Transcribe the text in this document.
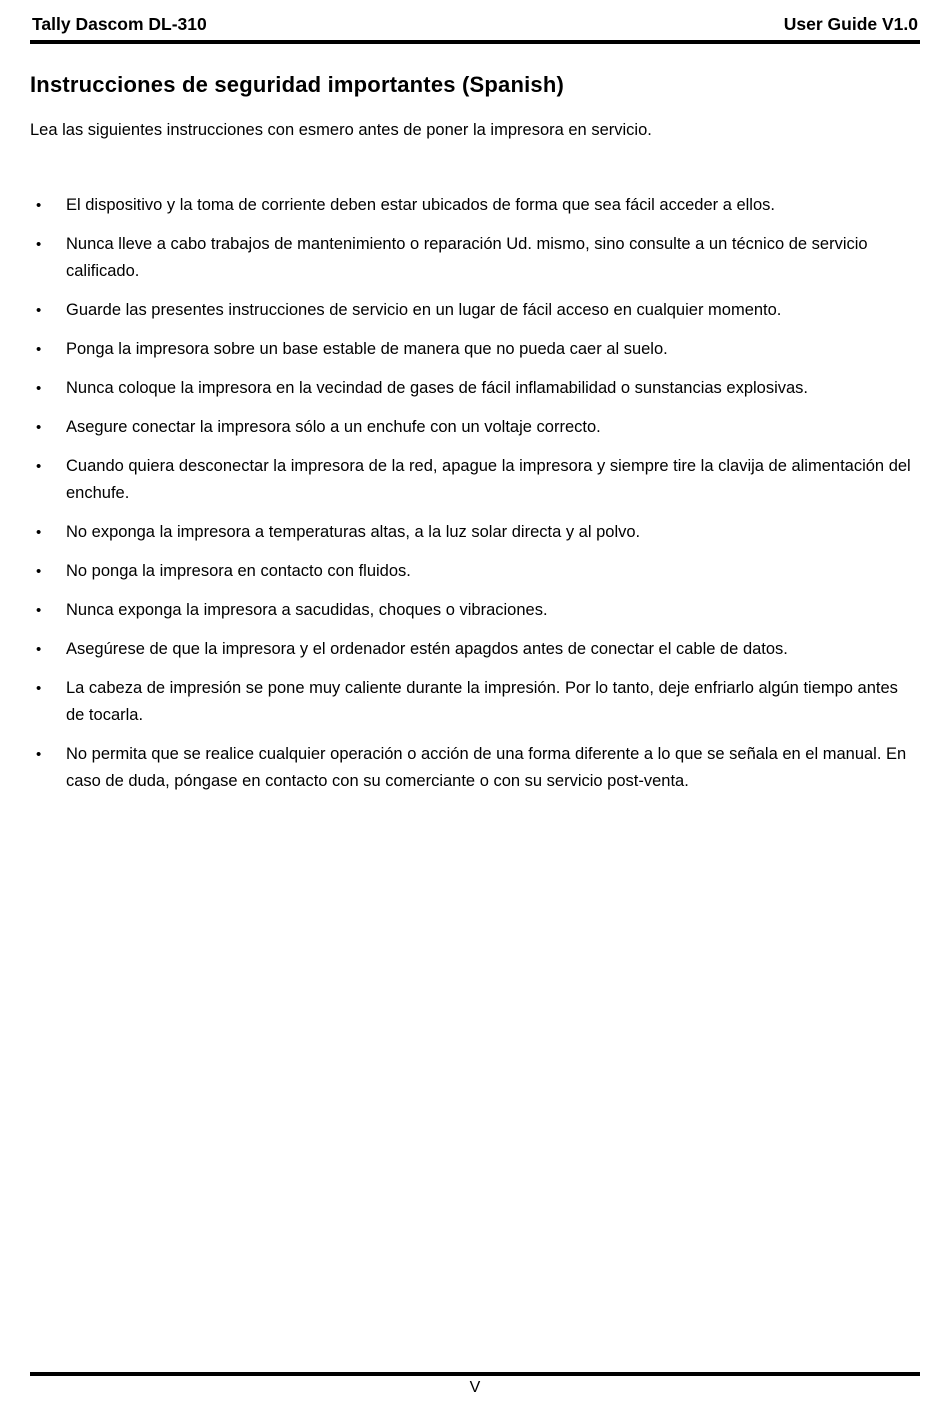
Tally Dascom DL-310	User Guide V1.0
Instrucciones de seguridad importantes (Spanish)
Lea las siguientes instrucciones con esmero antes de poner la impresora en servicio.
•	El dispositivo y la toma de corriente deben estar ubicados de forma que sea fácil acceder a ellos.
•	Nunca lleve a cabo trabajos de mantenimiento o reparación Ud. mismo, sino consulte a un técnico de servicio calificado.
•	Guarde las presentes instrucciones de servicio en un lugar de fácil acceso en cualquier momento.
•	Ponga la impresora sobre un base estable de manera que no pueda caer al suelo.
•	Nunca coloque la impresora en la vecindad de gases de fácil inflamabilidad o sunstancias explosivas.
•	Asegure conectar la impresora sólo a un enchufe con un voltaje correcto.
•	Cuando quiera desconectar la impresora de la red, apague la impresora y siempre tire la clavija de alimentación del enchufe.
•	No exponga la impresora a temperaturas altas, a la luz solar directa y al polvo.
•	No ponga la impresora en contacto con fluidos.
•	Nunca exponga la impresora a sacudidas, choques o vibraciones.
•	Asegúrese de que la impresora y el ordenador estén apagdos antes de conectar el cable de datos.
•	La cabeza de impresión se pone muy caliente durante la impresión. Por lo tanto, deje enfriarlo algún tiempo antes de tocarla.
•	No permita que se realice cualquier operación o acción de una forma diferente a lo que se señala en el manual. En caso de duda, póngase en contacto con su comerciante o con su servicio post-venta.
V
